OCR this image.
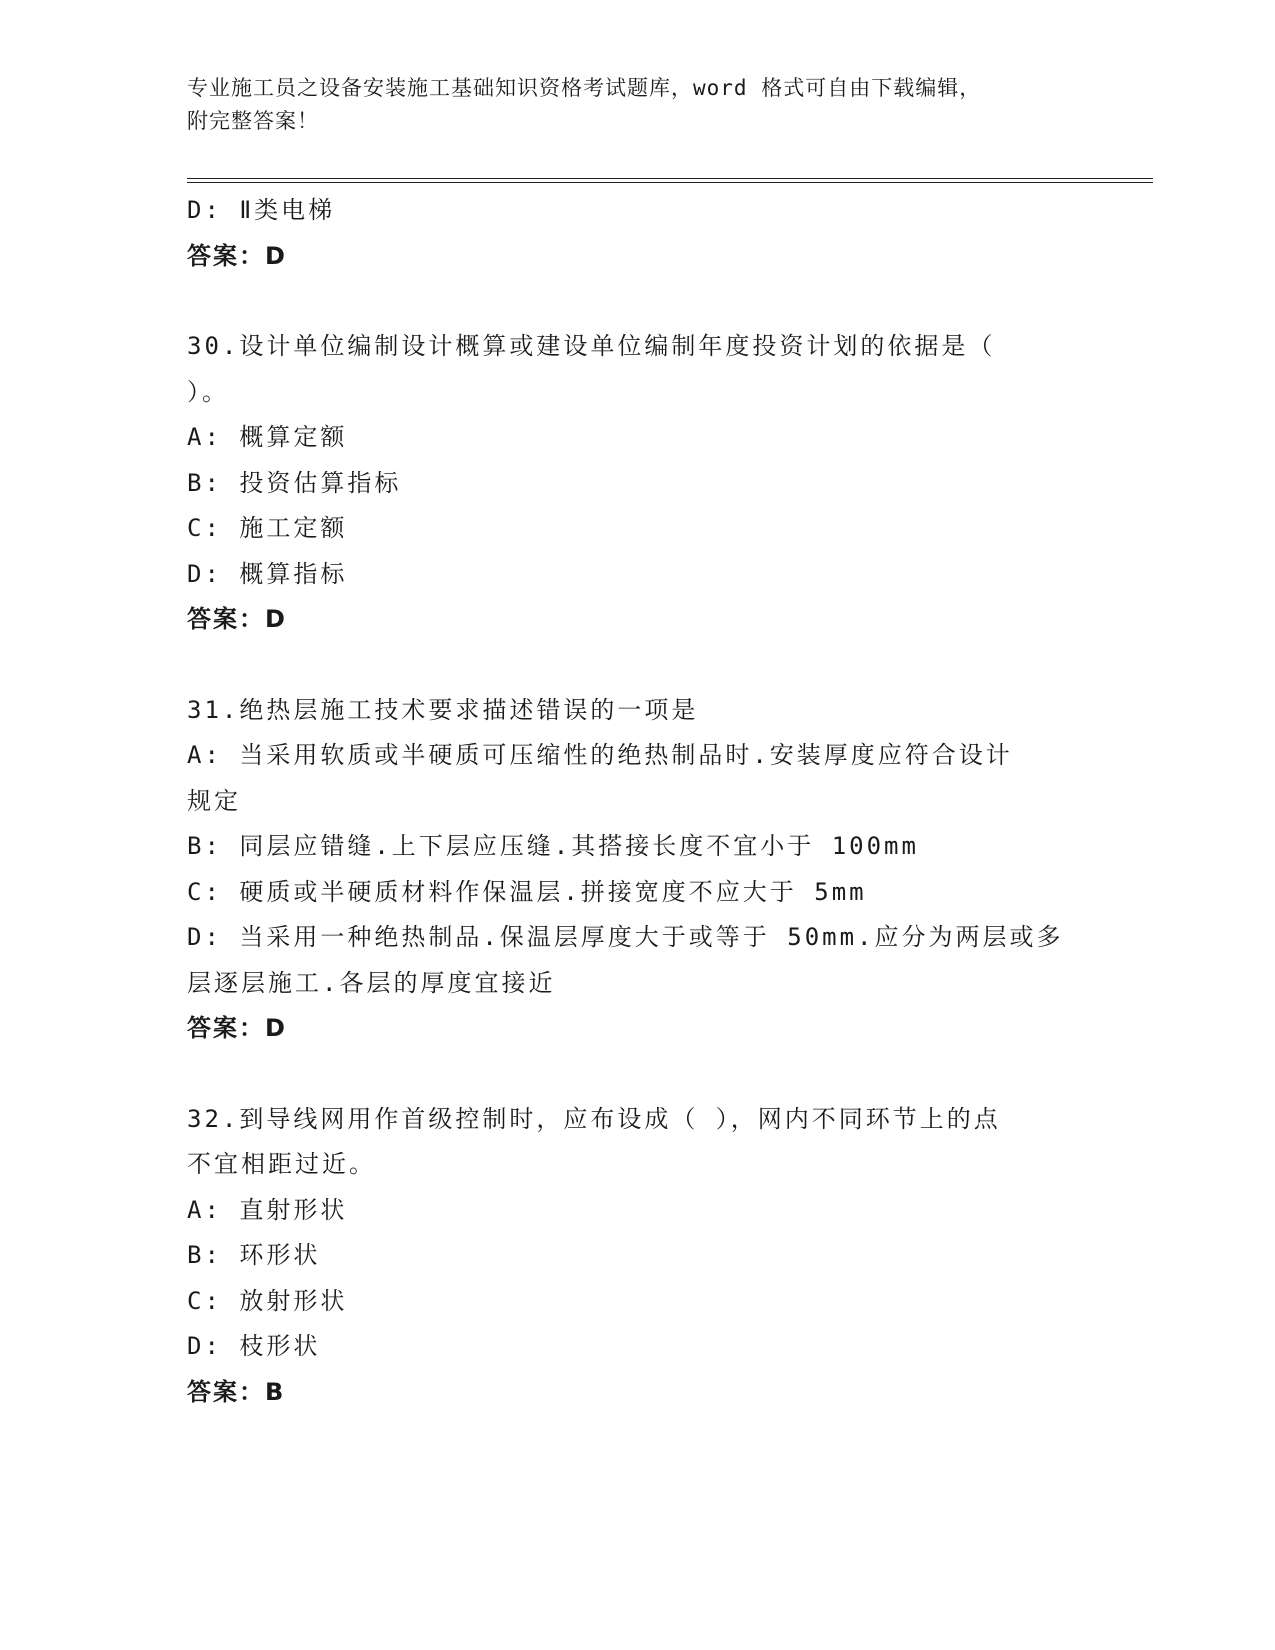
专业施工员之设备安装施工基础知识资格考试题库，word 格式可自由下载编辑，
附完整答案！

D: Ⅱ类电梯

答案：D

30.设计单位编制设计概算或建设单位编制年度投资计划的依据是（

）。

A: 概算定额

B: 投资估算指标

C: 施工定额

D: 概算指标

答案：D

31.绝热层施工技术要求描述错误的一项是

A: 当采用软质或半硬质可压缩性的绝热制品时.安装厚度应符合设计

规定

B: 同层应错缝.上下层应压缝.其搭接长度不宜小于 100mm

C: 硬质或半硬质材料作保温层.拼接宽度不应大于 5mm

D: 当采用一种绝热制品.保温层厚度大于或等于 50mm.应分为两层或多

层逐层施工.各层的厚度宜接近

答案：D

32.到导线网用作首级控制时，应布设成（ ），网内不同环节上的点

不宜相距过近。

A: 直射形状

B: 环形状

C: 放射形状

D: 枝形状

答案：B
